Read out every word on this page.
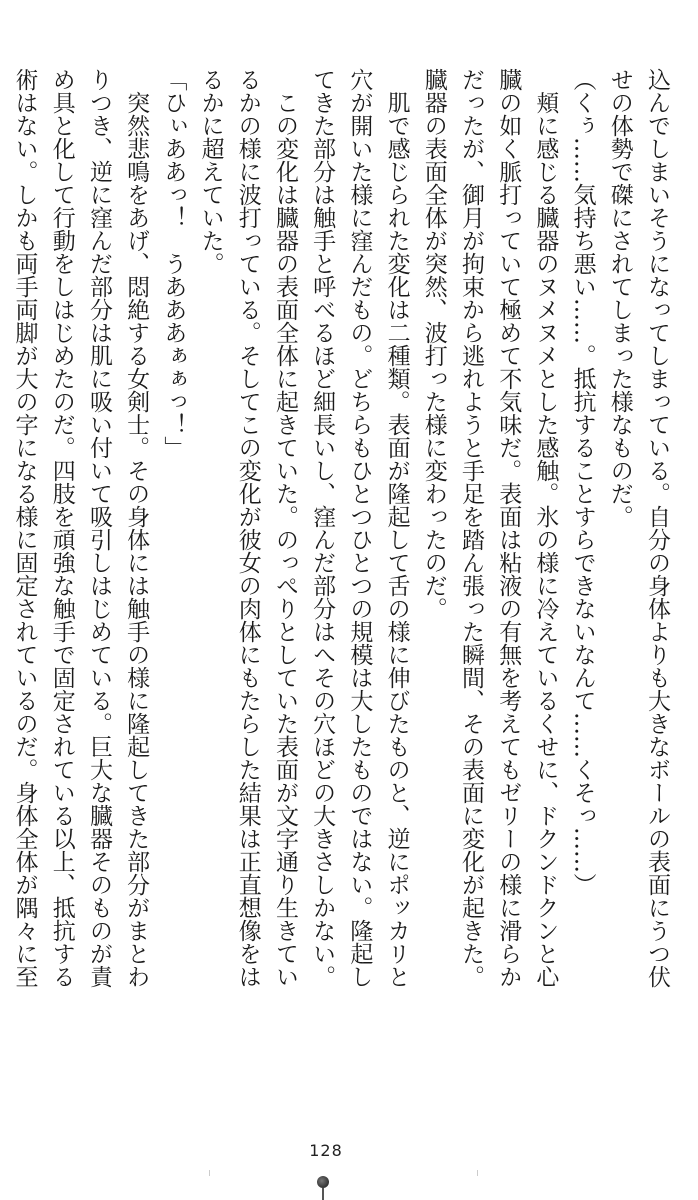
込んでしまいそうになってしまっている。自分の身体よりも大きなボールの表面にうつ伏
せの体勢で磔にされてしまった様なものだ。
（くぅ……気持ち悪い……。抵抗することすらできないなんて……くそっ……）
　頬に感じる臓器のヌメヌメとした感触。氷の様に冷えているくせに、ドクンドクンと心
臓の如く脈打っていて極めて不気味だ。表面は粘液の有無を考えてもゼリーの様に滑らか
だったが、御月が拘束から逃れようと手足を踏ん張った瞬間、その表面に変化が起きた。
臓器の表面全体が突然、波打った様に変わったのだ。
　肌で感じられた変化は二種類。表面が隆起して舌の様に伸びたものと、逆にポッカリと
穴が開いた様に窪んだもの。どちらもひとつひとつの規模は大したものではない。隆起し
てきた部分は触手と呼べるほど細長いし、窪んだ部分はへその穴ほどの大きさしかない。
　この変化は臓器の表面全体に起きていた。のっぺりとしていた表面が文字通り生きてい
るかの様に波打っている。そしてこの変化が彼女の肉体にもたらした結果は正直想像をは
るかに超えていた。
「ひぃああっ！　うあああぁぁっ！」
　突然悲鳴をあげ、悶絶する女剣士。その身体には触手の様に隆起してきた部分がまとわ
りつき、逆に窪んだ部分は肌に吸い付いて吸引しはじめている。巨大な臓器そのものが責
め具と化して行動をしはじめたのだ。四肢を頑強な触手で固定されている以上、抵抗する
術はない。しかも両手両脚が大の字になる様に固定されているのだ。身体全体が隅々に至
128
